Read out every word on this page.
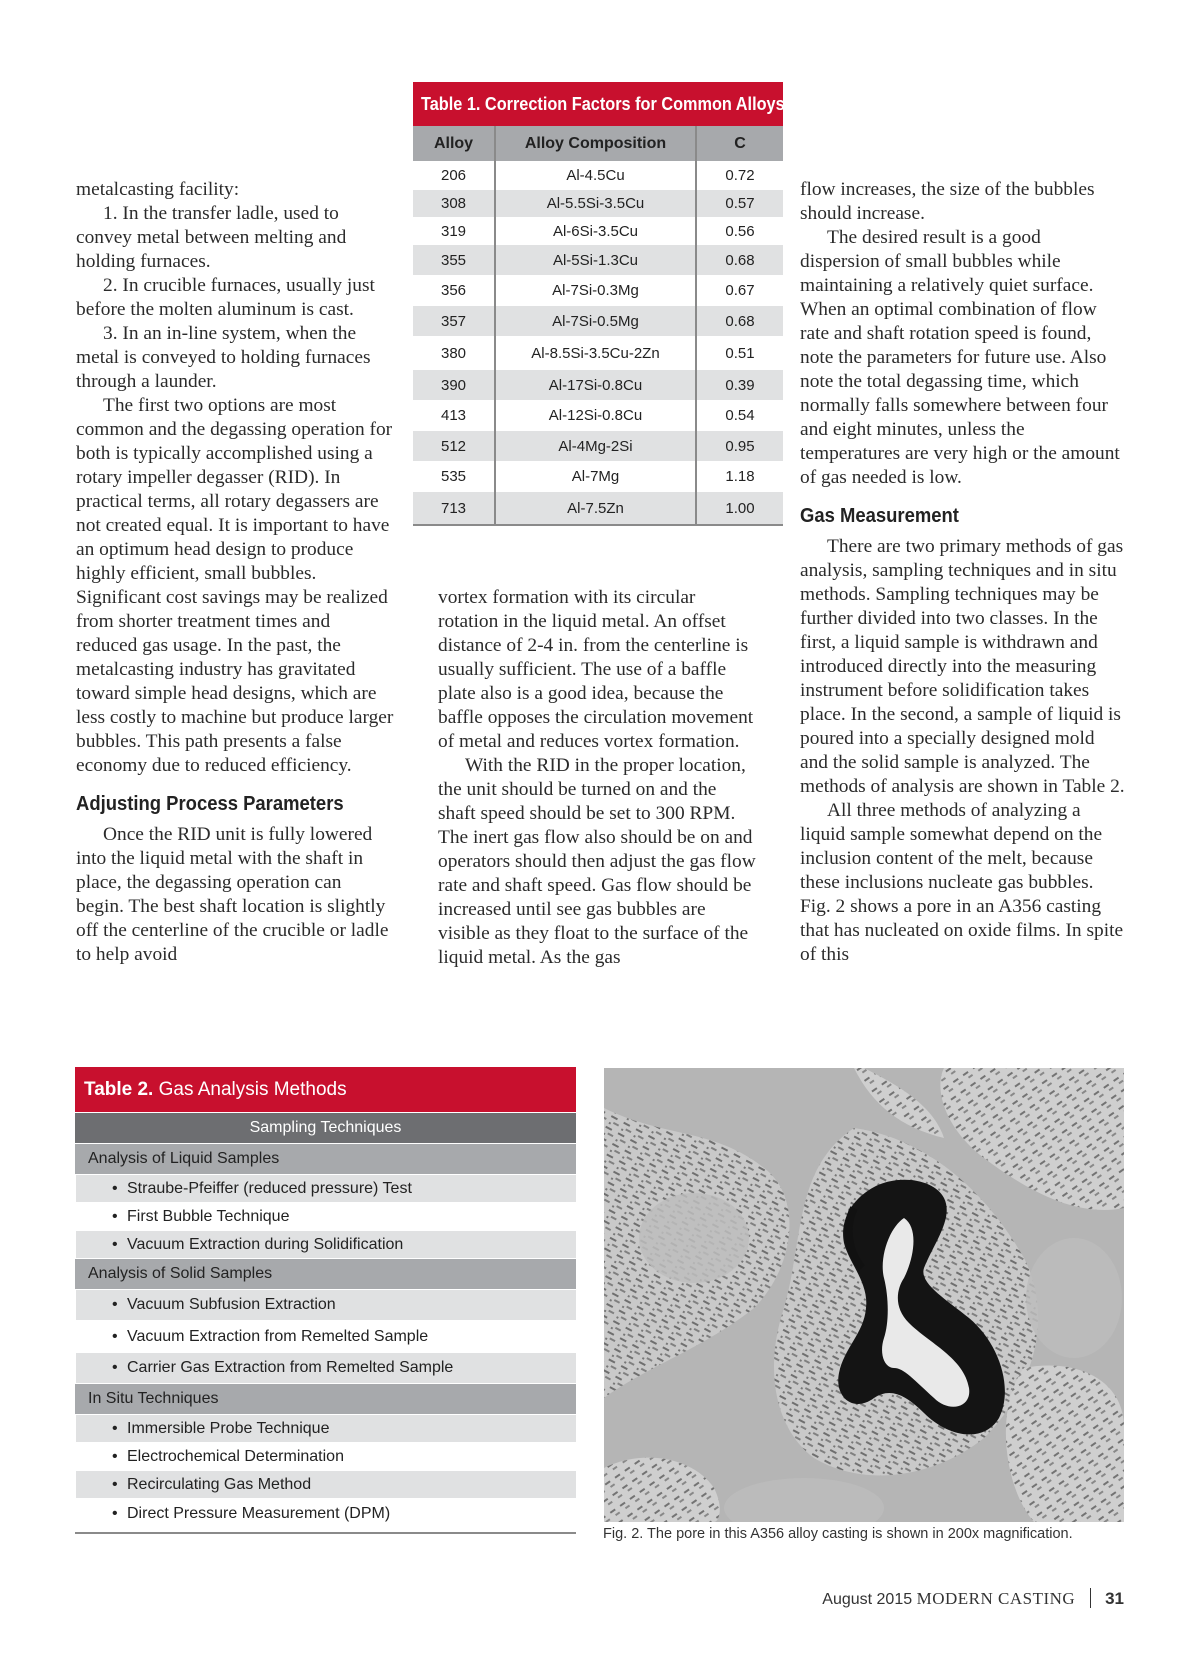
metalcasting facility:

1. In the transfer ladle, used to convey metal between melting and holding furnaces.

2. In crucible furnaces, usually just before the molten aluminum is cast.

3. In an in-line system, when the metal is conveyed to holding furnaces through a launder.

The first two options are most common and the degassing operation for both is typically accomplished using a rotary impeller degasser (RID). In practical terms, all rotary degassers are not created equal. It is important to have an optimum head design to produce highly efficient, small bubbles. Significant cost savings may be realized from shorter treatment times and reduced gas usage. In the past, the metalcasting industry has gravitated toward simple head designs, which are less costly to machine but produce larger bubbles. This path presents a false economy due to reduced efficiency.

Adjusting Process Parameters

Once the RID unit is fully lowered into the liquid metal with the shaft in place, the degassing operation can begin. The best shaft location is slightly off the centerline of the crucible or ladle to help avoid

vortex formation with its circular rotation in the liquid metal. An offset distance of 2-4 in. from the centerline is usually sufficient. The use of a baffle plate also is a good idea, because the baffle opposes the circulation movement of metal and reduces vortex formation.

With the RID in the proper location, the unit should be turned on and the shaft speed should be set to 300 RPM. The inert gas flow also should be on and operators should then adjust the gas flow rate and shaft speed. Gas flow should be increased until see gas bubbles are visible as they float to the surface of the liquid metal. As the gas

flow increases, the size of the bubbles should increase.

The desired result is a good dispersion of small bubbles while maintaining a relatively quiet surface. When an optimal combination of flow rate and shaft rotation speed is found, note the parameters for future use. Also note the total degassing time, which normally falls somewhere between four and eight minutes, unless the temperatures are very high or the amount of gas needed is low.

Gas Measurement

There are two primary methods of gas analysis, sampling techniques and in situ methods. Sampling techniques may be further divided into two classes. In the first, a liquid sample is withdrawn and introduced directly into the measuring instrument before solidification takes place. In the second, a sample of liquid is poured into a specially designed mold and the solid sample is analyzed. The methods of analysis are shown in Table 2.

All three methods of analyzing a liquid sample somewhat depend on the inclusion content of the melt, because these inclusions nucleate gas bubbles. Fig. 2 shows a pore in an A356 casting that has nucleated on oxide films. In spite of this

Table 1. Correction Factors for Common Alloys
Alloy	Alloy Composition	C
206	Al-4.5Cu	0.72
308	Al-5.5Si-3.5Cu	0.57
319	Al-6Si-3.5Cu	0.56
355	Al-5Si-1.3Cu	0.68
356	Al-7Si-0.3Mg	0.67
357	Al-7Si-0.5Mg	0.68
380	Al-8.5Si-3.5Cu-2Zn	0.51
390	Al-17Si-0.8Cu	0.39
413	Al-12Si-0.8Cu	0.54
512	Al-4Mg-2Si	0.95
535	Al-7Mg	1.18
713	Al-7.5Zn	1.00
Table 2. Gas Analysis Methods
Sampling Techniques
Analysis of Liquid Samples
• Straube-Pfeiffer (reduced pressure) Test
• First Bubble Technique
• Vacuum Extraction during Solidification
Analysis of Solid Samples
• Vacuum Subfusion Extraction
• Vacuum Extraction from Remelted Sample
• Carrier Gas Extraction from Remelted Sample
In Situ Techniques
• Immersible Probe Technique
• Electrochemical Determination
• Recirculating Gas Method
• Direct Pressure Measurement (DPM)
Fig. 2. The pore in this A356 alloy casting is shown in 200x magnification.
August 2015 MODERN CASTING 31
